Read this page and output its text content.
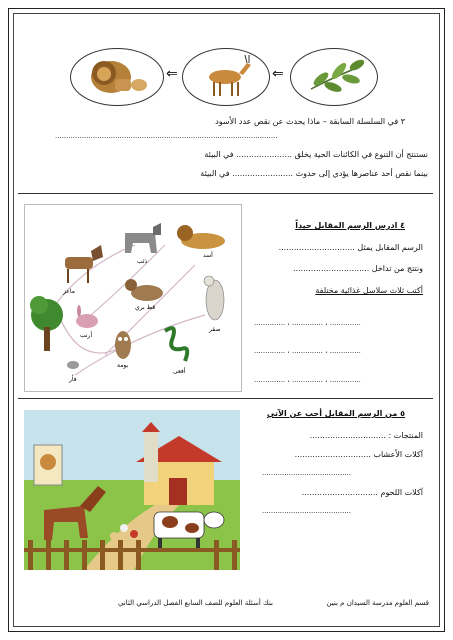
⇐	⇐
٣ في السلسلة السابقة – ماذا يحدث عن نقص عدد الأسود
....................................................................................................
نستنتج أن التنوع في الكائنات الحية يخلق ...................... في البيئة
بينما نقص أحد عناصرها يؤدي إلى حدوث ........................ في البيئة
ذئب
أسد
ماعز
أرنب
قط بري
صقر
بومة
أفعى
فأر
٤ ادرس الرسم المقابل جيداً
الرسم المقابل يمثل ..............................
ونتتج من تداخل ..............................
أكتب ثلاث سلاسل غذائية مختلفة
.............. ، .............. ، ..............
.............. ، .............. ، ..............
.............. ، .............. ، ..............
٥ من الرسم المقابل أجب عن الآتي
المنتجات : ..............................
آكلات الأعشاب ..............................
........................................
آكلات اللحوم ..............................
........................................
قسم العلوم مدرسة السيدان م بنين
بنك أسئلة العلوم للصف السابع الفصل الدراسي الثاني
